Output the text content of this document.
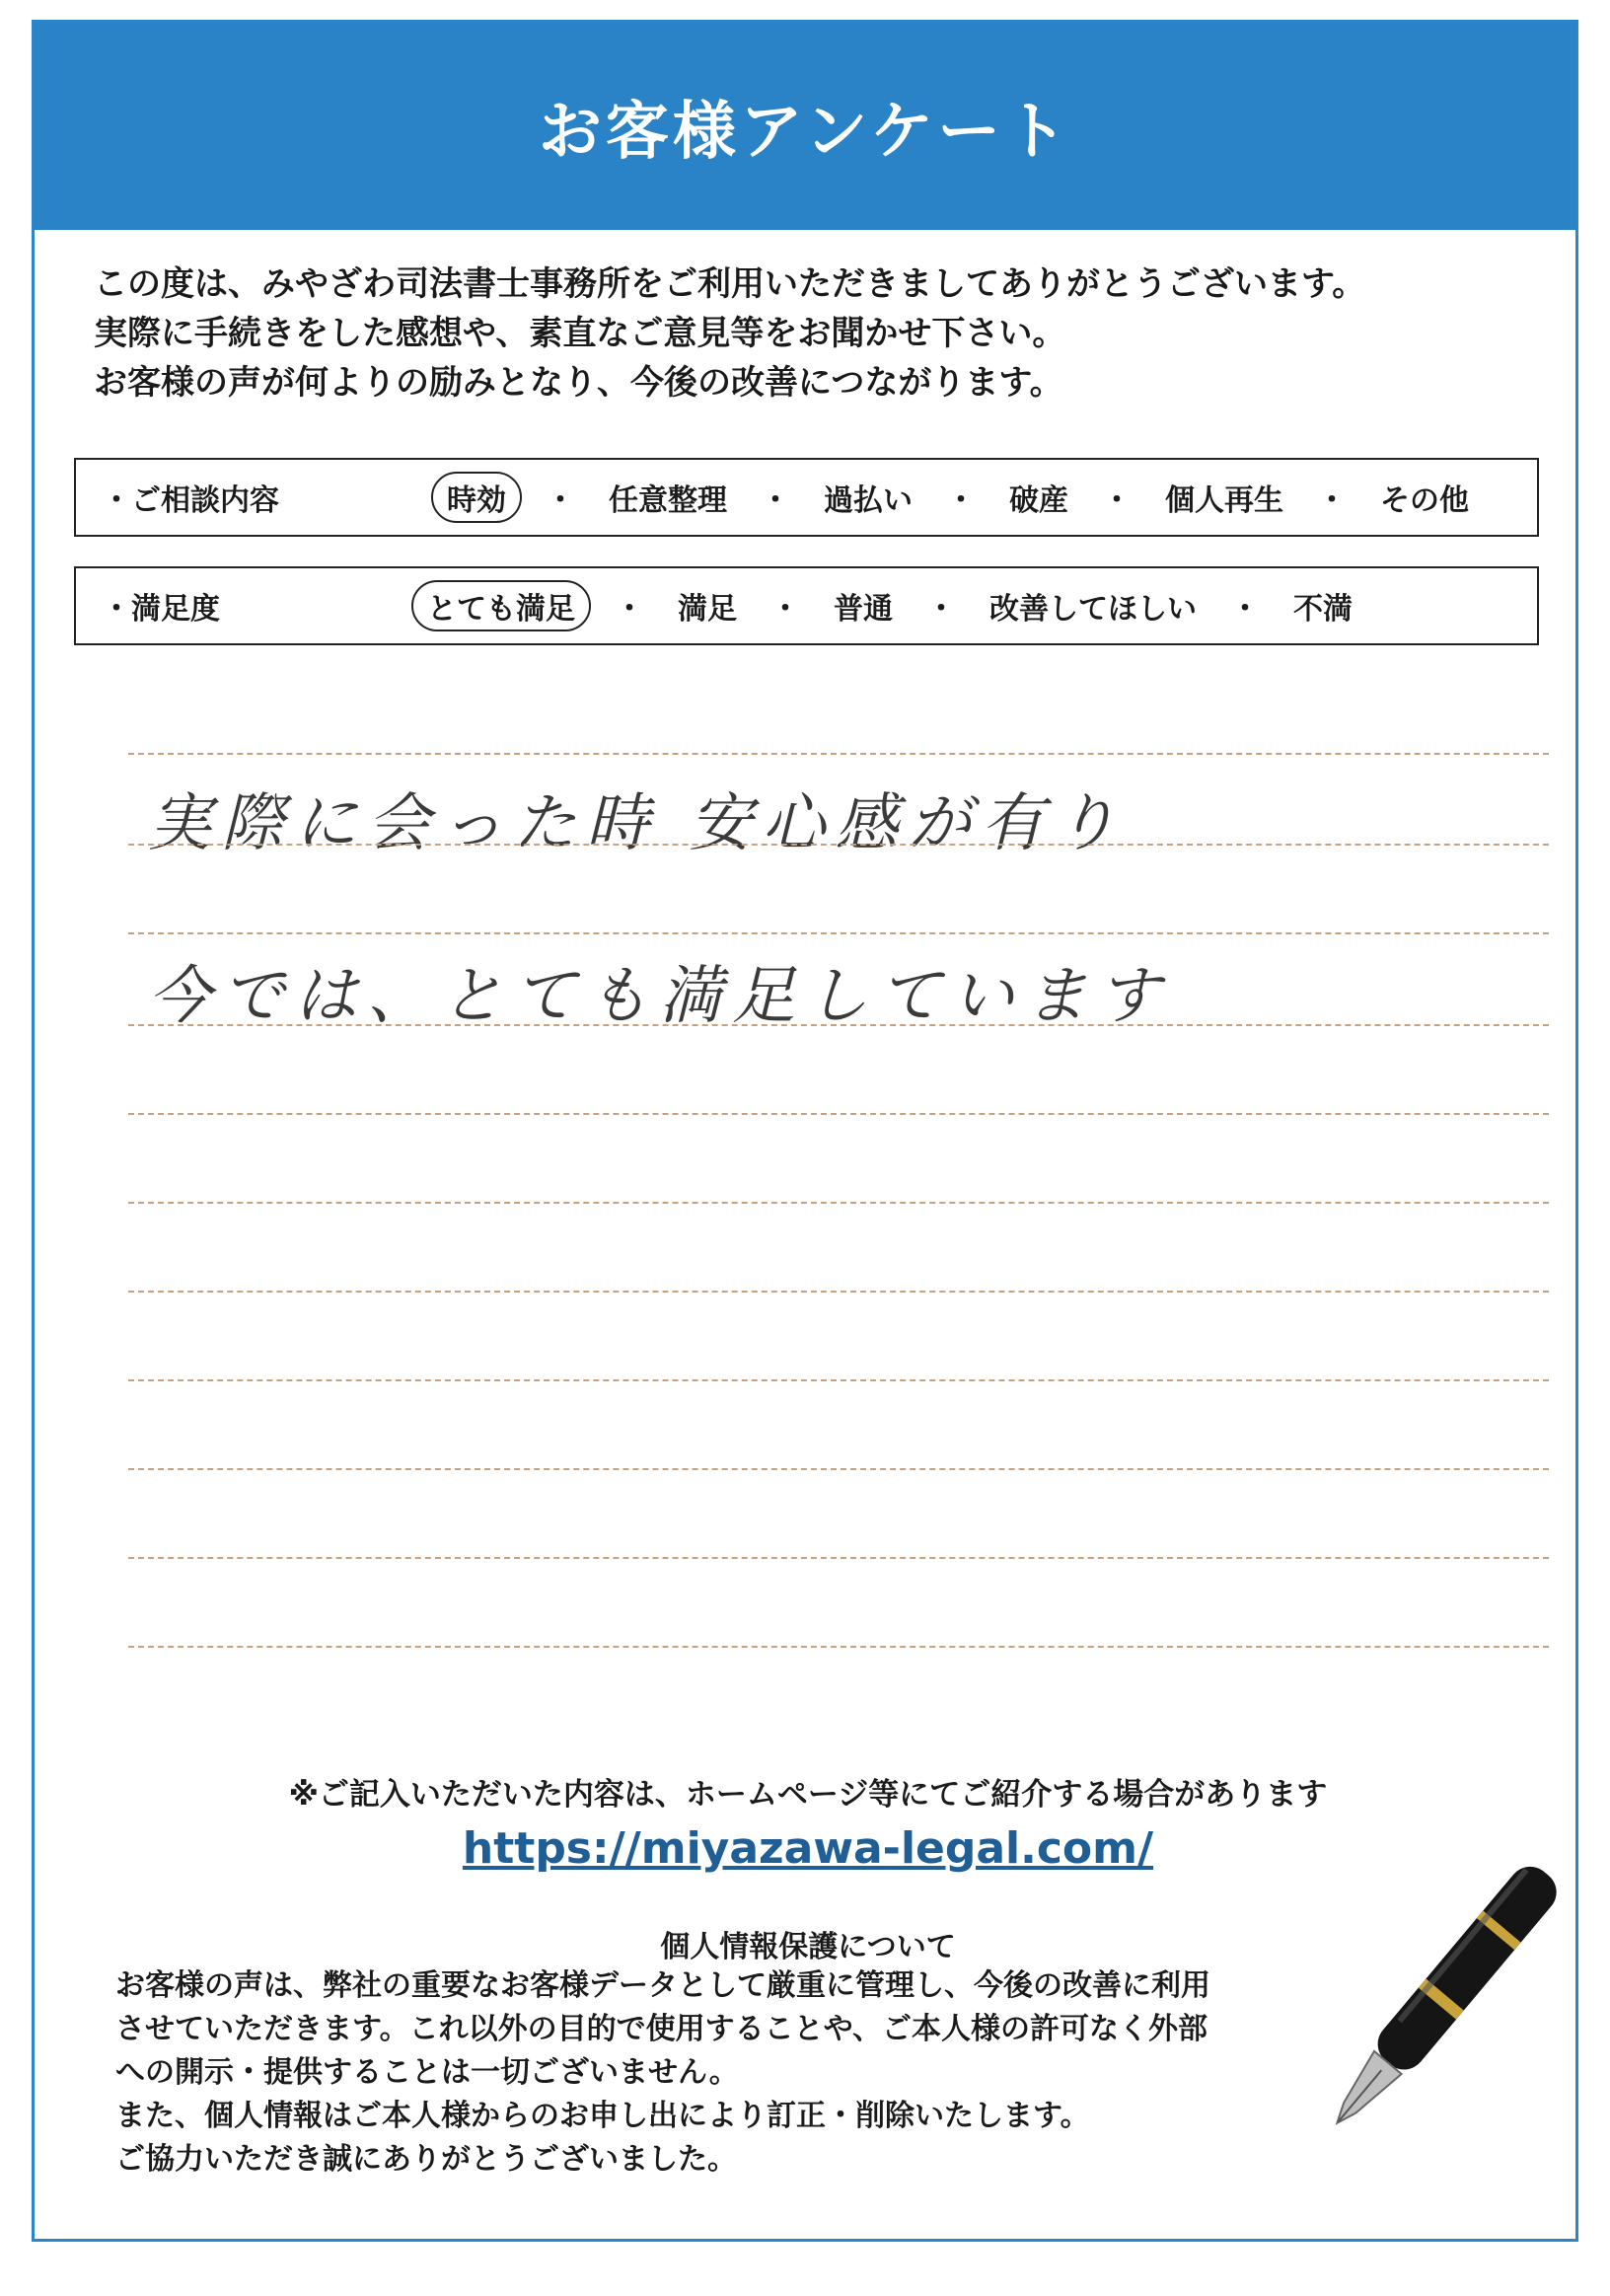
お客様アンケート
この度は、みやざわ司法書士事務所をご利用いただきましてありがとうございます。
実際に手続きをした感想や、素直なご意見等をお聞かせ下さい。
お客様の声が何よりの励みとなり、今後の改善につながります。
・ご相談内容	時効	・	任意整理	・	過払い	・	破産	・	個人再生	・	その他
・満足度	とても満足	・	満足	・	普通	・	改善してほしい	・	不満
実際に会った時 安心感が有り
今では、とても満足しています
※ご記入いただいた内容は、ホームページ等にてご紹介する場合があります
https://miyazawa-legal.com/
個人情報保護について
お客様の声は、弊社の重要なお客様データとして厳重に管理し、今後の改善に利用
させていただきます。これ以外の目的で使用することや、ご本人様の許可なく外部
への開示・提供することは一切ございません。
また、個人情報はご本人様からのお申し出により訂正・削除いたします。
ご協力いただき誠にありがとうございました。
